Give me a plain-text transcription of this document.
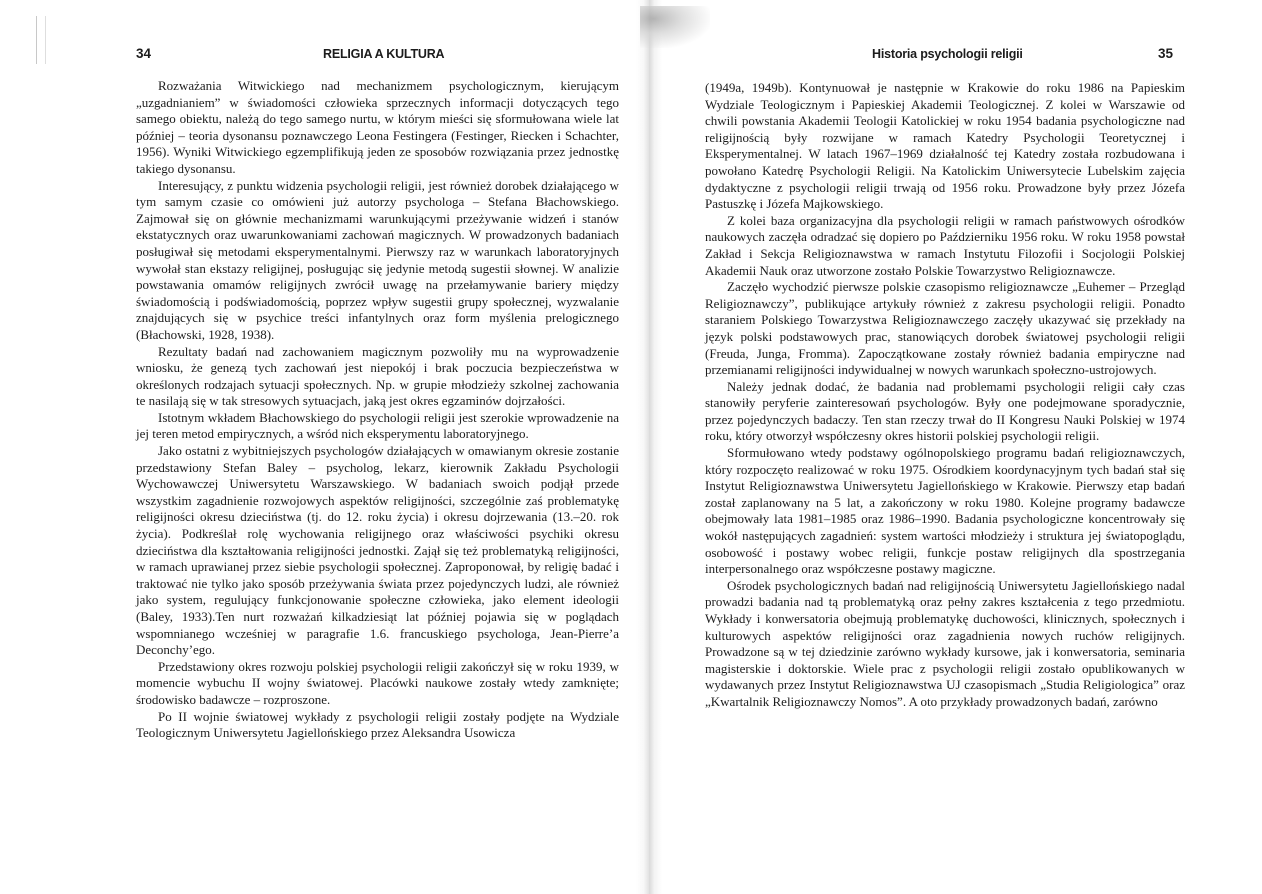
34	RELIGIA A KULTURA

Rozważania Witwickiego nad mechanizmem psychologicznym, kierującym „uzgadnianiem” w świadomości człowieka sprzecznych informacji dotyczących tego samego obiektu, należą do tego samego nurtu, w którym mieści się sformułowana wiele lat później – teoria dysonansu poznawczego Leona Festingera (Festinger, Riecken i Schachter, 1956). Wyniki Witwickiego egzemplifikują jeden ze sposobów rozwiązania przez jednostkę takiego dysonansu.

Interesujący, z punktu widzenia psychologii religii, jest również dorobek działającego w tym samym czasie co omówieni już autorzy psychologa – Stefana Błachowskiego. Zajmował się on głównie mechanizmami warunkującymi przeżywanie widzeń i stanów ekstatycznych oraz uwarunkowaniami zachowań magicznych. W prowadzonych badaniach posługiwał się metodami eksperymentalnymi. Pierwszy raz w warunkach laboratoryjnych wywołał stan ekstazy religijnej, posługując się jedynie metodą sugestii słownej. W analizie powstawania omamów religijnych zwrócił uwagę na przełamywanie bariery między świadomością i podświadomością, poprzez wpływ sugestii grupy społecznej, wyzwalanie znajdujących się w psychice treści infantylnych oraz form myślenia prelogicznego (Błachowski, 1928, 1938).

Rezultaty badań nad zachowaniem magicznym pozwoliły mu na wyprowadzenie wniosku, że genezą tych zachowań jest niepokój i brak poczucia bezpieczeństwa w określonych rodzajach sytuacji społecznych. Np. w grupie młodzieży szkolnej zachowania te nasilają się w tak stresowych sytuacjach, jaką jest okres egzaminów dojrzałości.

Istotnym wkładem Błachowskiego do psychologii religii jest szerokie wprowadzenie na jej teren metod empirycznych, a wśród nich eksperymentu laboratoryjnego.

Jako ostatni z wybitniejszych psychologów działających w omawianym okresie zostanie przedstawiony Stefan Baley – psycholog, lekarz, kierownik Zakładu Psychologii Wychowawczej Uniwersytetu Warszawskiego. W badaniach swoich podjął przede wszystkim zagadnienie rozwojowych aspektów religijności, szczególnie zaś problematykę religijności okresu dzieciństwa (tj. do 12. roku życia) i okresu dojrzewania (13.–20. rok życia). Podkreślał rolę wychowania religijnego oraz właściwości psychiki okresu dzieciństwa dla kształtowania religijności jednostki. Zajął się też problematyką religijności, w ramach uprawianej przez siebie psychologii społecznej. Zaproponował, by religię badać i traktować nie tylko jako sposób przeżywania świata przez pojedynczych ludzi, ale również jako system, regulujący funkcjonowanie społeczne człowieka, jako element ideologii (Baley, 1933).Ten nurt rozważań kilkadziesiąt lat później pojawia się w poglądach wspomnianego wcześniej w paragrafie 1.6. francuskiego psychologa, Jean-Pierre’a Deconchy’ego.

Przedstawiony okres rozwoju polskiej psychologii religii zakończył się w roku 1939, w momencie wybuchu II wojny światowej. Placówki naukowe zostały wtedy zamknięte; środowisko badawcze – rozproszone.

Po II wojnie światowej wykłady z psychologii religii zostały podjęte na Wydziale Teologicznym Uniwersytetu Jagiellońskiego przez Aleksandra Usowicza

Historia psychologii religii	35

(1949a, 1949b). Kontynuował je następnie w Krakowie do roku 1986 na Papieskim Wydziale Teologicznym i Papieskiej Akademii Teologicznej. Z kolei w Warszawie od chwili powstania Akademii Teologii Katolickiej w roku 1954 badania psychologiczne nad religijnością były rozwijane w ramach Katedry Psychologii Teoretycznej i Eksperymentalnej. W latach 1967–1969 działalność tej Katedry została rozbudowana i powołano Katedrę Psychologii Religii. Na Katolickim Uniwersytecie Lubelskim zajęcia dydaktyczne z psychologii religii trwają od 1956 roku. Prowadzone były przez Józefa Pastuszkę i Józefa Majkowskiego.

Z kolei baza organizacyjna dla psychologii religii w ramach państwowych ośrodków naukowych zaczęła odradzać się dopiero po Październiku 1956 roku. W roku 1958 powstał Zakład i Sekcja Religioznawstwa w ramach Instytutu Filozofii i Socjologii Polskiej Akademii Nauk oraz utworzone zostało Polskie Towarzystwo Religioznawcze.

Zaczęło wychodzić pierwsze polskie czasopismo religioznawcze „Euhemer – Przegląd Religioznawczy”, publikujące artykuły również z zakresu psychologii religii. Ponadto staraniem Polskiego Towarzystwa Religioznawczego zaczęły ukazywać się przekłady na język polski podstawowych prac, stanowiących dorobek światowej psychologii religii (Freuda, Junga, Fromma). Zapoczątkowane zostały również badania empiryczne nad przemianami religijności indywidualnej w nowych warunkach społeczno-ustrojowych.

Należy jednak dodać, że badania nad problemami psychologii religii cały czas stanowiły peryferie zainteresowań psychologów. Były one podejmowane sporadycznie, przez pojedynczych badaczy. Ten stan rzeczy trwał do II Kongresu Nauki Polskiej w 1974 roku, który otworzył współczesny okres historii polskiej psychologii religii.

Sformułowano wtedy podstawy ogólnopolskiego programu badań religioznawczych, który rozpoczęto realizować w roku 1975. Ośrodkiem koordynacyjnym tych badań stał się Instytut Religioznawstwa Uniwersytetu Jagiellońskiego w Krakowie. Pierwszy etap badań został zaplanowany na 5 lat, a zakończony w roku 1980. Kolejne programy badawcze obejmowały lata 1981–1985 oraz 1986–1990. Badania psychologiczne koncentrowały się wokół następujących zagadnień: system wartości młodzieży i struktura jej światopoglądu, osobowość i postawy wobec religii, funkcje postaw religijnych dla spostrzegania interpersonalnego oraz współczesne postawy magiczne.

Ośrodek psychologicznych badań nad religijnością Uniwersytetu Jagiellońskiego nadal prowadzi badania nad tą problematyką oraz pełny zakres kształcenia z tego przedmiotu. Wykłady i konwersatoria obejmują problematykę duchowości, klinicznych, społecznych i kulturowych aspektów religijności oraz zagadnienia nowych ruchów religijnych. Prowadzone są w tej dziedzinie zarówno wykłady kursowe, jak i konwersatoria, seminaria magisterskie i doktorskie. Wiele prac z psychologii religii zostało opublikowanych w wydawanych przez Instytut Religioznawstwa UJ czasopismach „Studia Religiologica” oraz „Kwartalnik Religioznawczy Nomos”. A oto przykłady prowadzonych badań, zarówno
